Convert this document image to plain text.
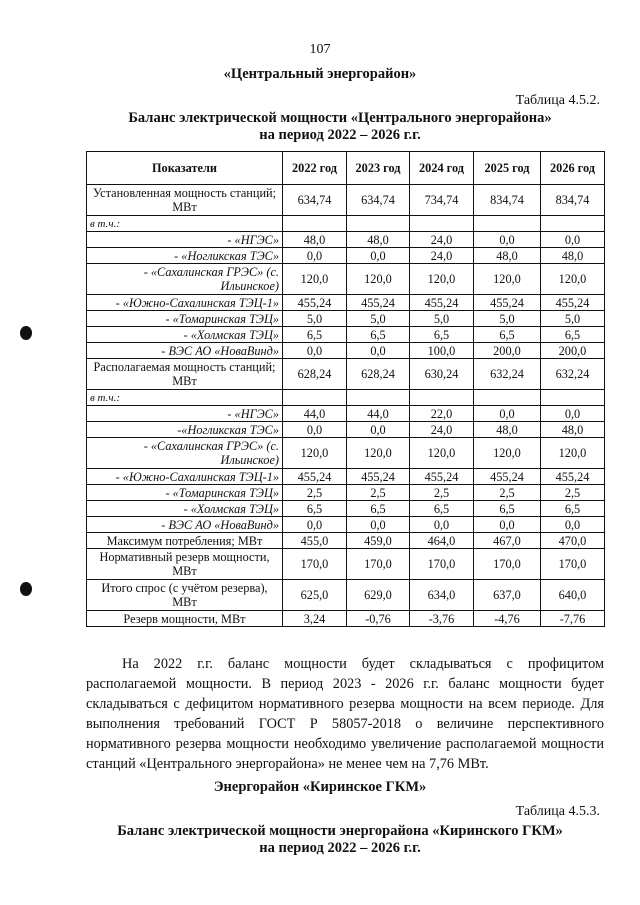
107
«Центральный энергорайон»
Таблица 4.5.2.
Баланс электрической мощности «Центрального энергорайона»
на период 2022 – 2026 г.г.
Показатели	2022 год	2023 год	2024 год	2025 год	2026 год
Установленная мощность станций; МВт	634,74	634,74	734,74	834,74	834,74
в т.ч.:					
- «НГЭС»	48,0	48,0	24,0	0,0	0,0
- «Ногликская ТЭС»	0,0	0,0	24,0	48,0	48,0
- «Сахалинская ГРЭС» (с. Ильинское)	120,0	120,0	120,0	120,0	120,0
- «Южно-Сахалинская ТЭЦ-1»	455,24	455,24	455,24	455,24	455,24
- «Томаринская ТЭЦ»	5,0	5,0	5,0	5,0	5,0
- «Холмская ТЭЦ»	6,5	6,5	6,5	6,5	6,5
- ВЭС АО «НоваВинд»	0,0	0,0	100,0	200,0	200,0
Располагаемая мощность станций; МВт	628,24	628,24	630,24	632,24	632,24
в т.ч.:					
- «НГЭС»	44,0	44,0	22,0	0,0	0,0
-«Ногликская ТЭС»	0,0	0,0	24,0	48,0	48,0
- «Сахалинская ГРЭС» (с. Ильинское)	120,0	120,0	120,0	120,0	120,0
- «Южно-Сахалинская ТЭЦ-1»	455,24	455,24	455,24	455,24	455,24
- «Томаринская ТЭЦ»	2,5	2,5	2,5	2,5	2,5
- «Холмская ТЭЦ»	6,5	6,5	6,5	6,5	6,5
- ВЭС АО «НоваВинд»	0,0	0,0	0,0	0,0	0,0
Максимум потребления; МВт	455,0	459,0	464,0	467,0	470,0
Нормативный резерв мощности, МВт	170,0	170,0	170,0	170,0	170,0
Итого спрос (с учётом резерва), МВт	625,0	629,0	634,0	637,0	640,0
Резерв мощности, МВт	3,24	-0,76	-3,76	-4,76	-7,76

На 2022 г.г. баланс мощности будет складываться с профицитом располагаемой мощности. В период 2023 - 2026 г.г. баланс мощности будет складываться с дефицитом нормативного резерва мощности на всем периоде. Для выполнения требований ГОСТ Р 58057-2018 о величине перспективного нормативного резерва мощности необходимо увеличение располагаемой мощности станций «Центрального энергорайона» не менее чем на 7,76 МВт.

Энергорайон «Киринское ГКМ»
Таблица 4.5.3.
Баланс электрической мощности энергорайона «Киринского ГКМ»
на период 2022 – 2026 г.г.
